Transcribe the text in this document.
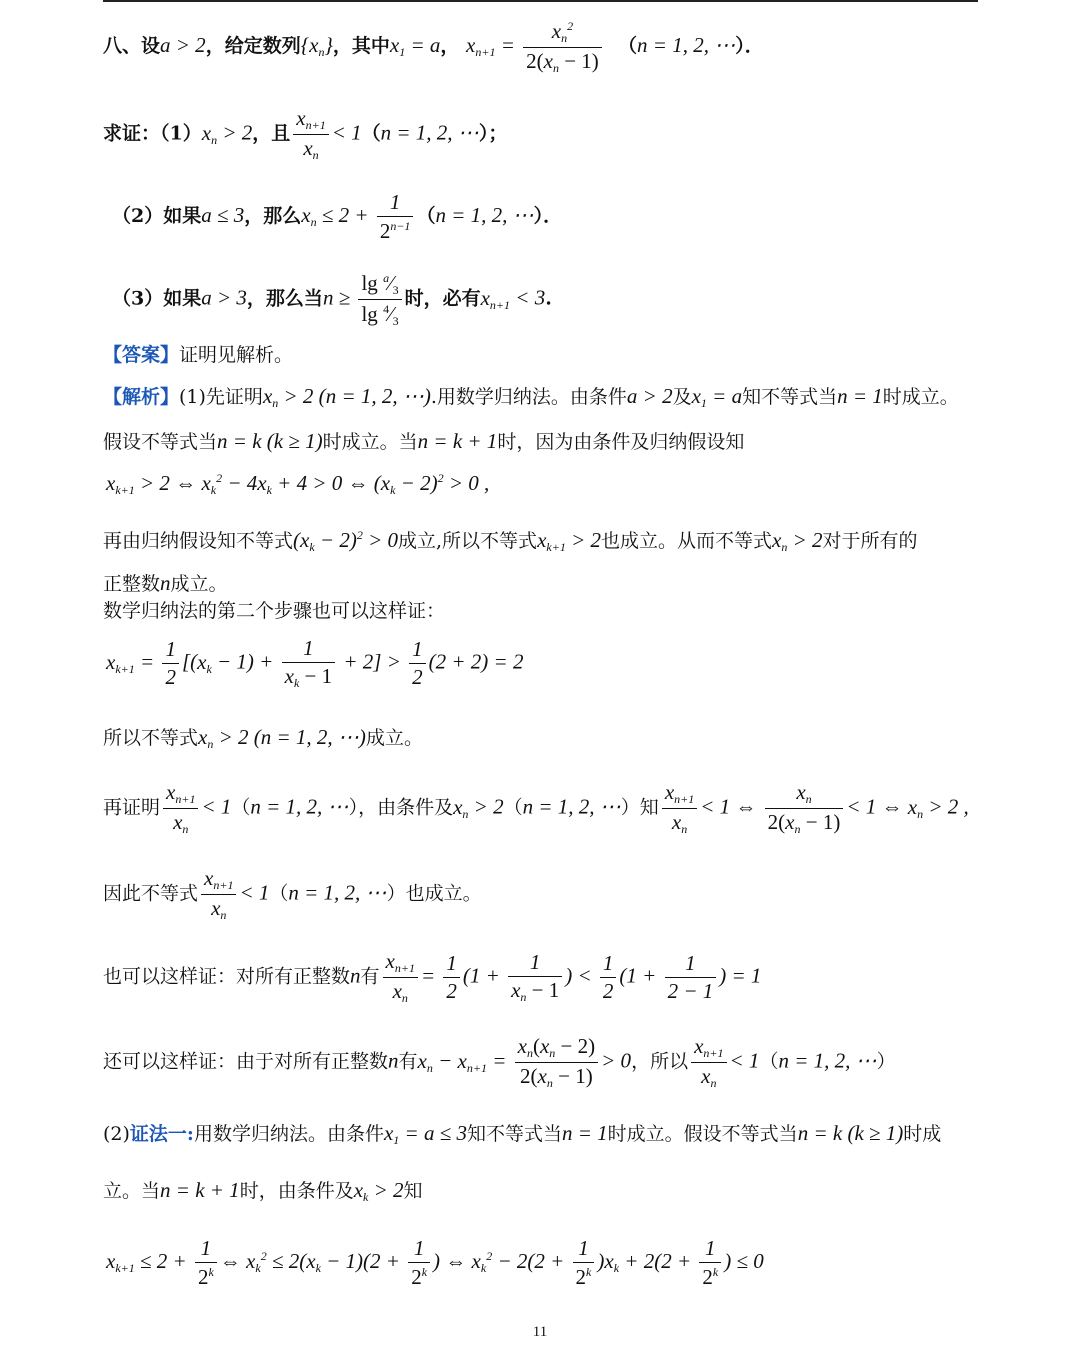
八、设a > 2，给定数列$\{x_n\}$，其中$x_1 = a$， $x_{n+1} = \frac{x_n^2}{2(x_n - 1)} (n = 1$, 2, ⋯）．
求证：$(1)x_n > 2$，且 $\frac{x_{n+1}}{x_n} < 1(n = 1$, 2, ⋯）；
（2）如果a ≤ 3，那么$x_n \le 2 + \frac{1}{2^{n-1}} (n = 1$, 2, ⋯）．
（3）如果a > 3，那么当$n \ge \frac{\lg ^a⁄_3}{\lg ^4⁄_3}$ 时，必有$x_{n+1} < 3$.
【答案】证明见解析。
【解析】(1)先证明$x_n > 2$ (n = 1, 2, ⋯).用数学归纳法。由条件a > 2及$x_1 = a$知不等式当n = 1时成立。
假设不等式当n = k (k ≥ 1)时成立。当n = k + 1时，因为由条件及归纳假设知
$x_{k+1} > 2$ ⇔ $x_k^2 - 4x_k + 4 > 0$ ⇔ $(x_k - 2)^2 > 0$ ,
再由归纳假设知不等式$(x_k - 2)^2 > 0$成立,所以不等式$x_{k+1} > 2$也成立。从而不等式$x_n > 2$对于所有的
正整数n成立。
数学归纳法的第二个步骤也可以这样证：
$x_{k+1} = \frac{1}{2} [(x_k - 1) + \frac{1}{x_k - 1} + 2] > \frac{1}{2} (2 + 2) = 2$
所以不等式$x_n > 2$ (n = 1, 2, ⋯)成立。
再证明 $\frac{x_{n+1}}{x_n} < 1(n = 1$, 2, ⋯），由条件及$x_n > 2(n = 1$, 2, ⋯）知 $\frac{x_{n+1}}{x_n} < 1$ ⇔ $\frac{x_n}{2(x_n - 1)} < 1$ ⇔ $x_n > 2$ ,
因此不等式 $\frac{x_{n+1}}{x_n} < 1(n = 1$, 2, ⋯）也成立。
也可以这样证：对所有正整数n有 $\frac{x_{n+1}}{x_n} = \frac{1}{2} (1 + \frac{1}{x_n - 1}$ ) < $\frac{1}{2} (1 + \frac{1}{2 - 1}$ ) = 1
还可以这样证：由于对所有正整数n有$x_n - x_{n+1} = \frac{x_n(x_n - 2)}{2(x_n - 1)} > 0$，所以 $\frac{x_{n+1}}{x_n} < 1(n = 1$, 2, ⋯）
(2)证法一:用数学归纳法。由条件$x_1 = a \le 3$知不等式当n = 1时成立。假设不等式当n = k (k ≥ 1)时成
立。当n = k + 1时，由条件及$x_k > 2$知
$x_{k+1} \le 2 + \frac{1}{2^k}$ ⇔ $x_k^2 \le 2(x_k - 1)(2 + \frac{1}{2^k}$ ) ⇔ $x_k^2 - 2(2 + \frac{1}{2^k} )x_k + 2(2 + \frac{1}{2^k}$ ) ≤ 0
11
